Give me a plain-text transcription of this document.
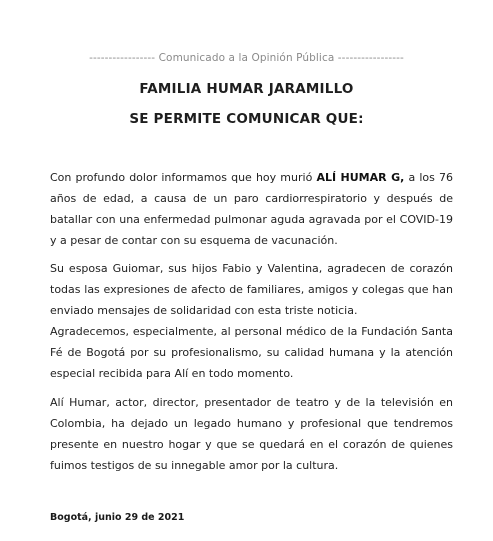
----------------- Comunicado a la Opinión Pública -----------------
FAMILIA HUMAR JARAMILLO
SE PERMITE COMUNICAR QUE:

Con profundo dolor informamos que hoy murió ALÍ HUMAR G, a los 76 años de edad, a causa de un paro cardiorrespiratorio y después de batallar con una enfermedad pulmonar aguda agravada por el COVID-19 y a pesar de contar con su esquema de vacunación.

Su esposa Guiomar, sus hijos Fabio y Valentina, agradecen de corazón todas las expresiones de afecto de familiares, amigos y colegas que han enviado mensajes de solidaridad con esta triste noticia.

Agradecemos, especialmente, al personal médico de la Fundación Santa Fé de Bogotá por su profesionalismo, su calidad humana y la atención especial recibida para Alí en todo momento.

Alí Humar, actor, director, presentador de teatro y de la televisión en Colombia, ha dejado un legado humano y profesional que tendremos presente en nuestro hogar y que se quedará en el corazón de quienes fuimos testigos de su innegable amor por la cultura.

Bogotá, junio 29 de 2021
